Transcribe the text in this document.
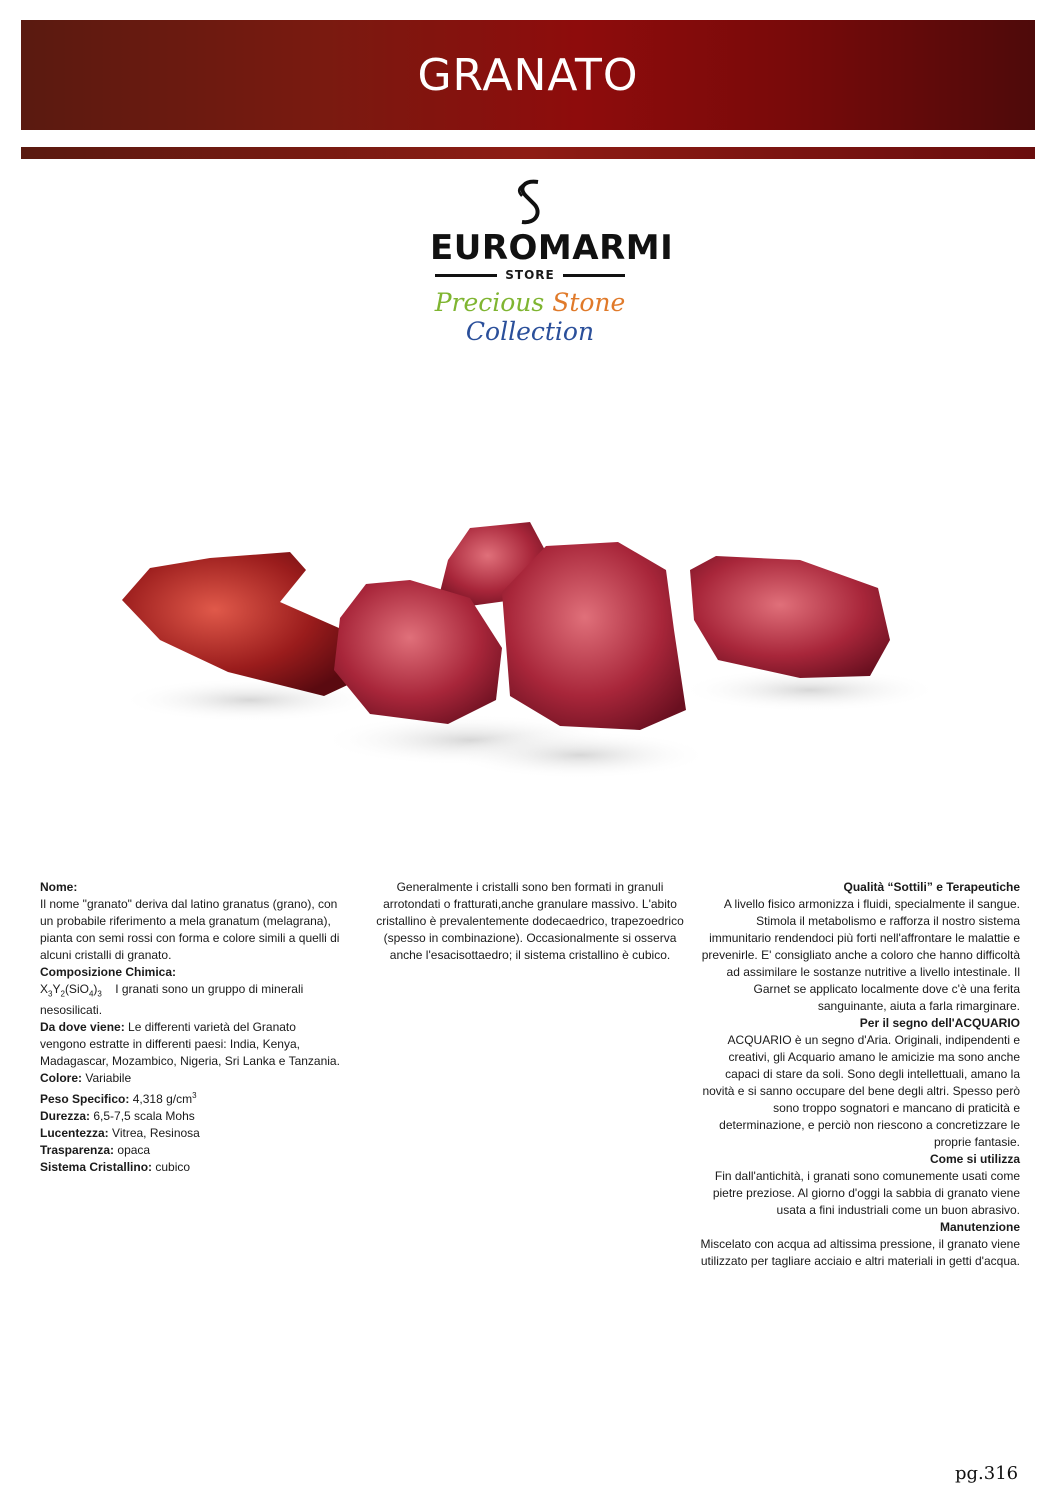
GRANATO
EUROMARMI
STORE
Precious Stone Collection

Nome:
Il nome "granato" deriva dal latino granatus (grano), con un probabile riferimento a mela granatum (melagrana), pianta con semi rossi con forma e colore simili a quelli di alcuni cristalli di granato.

Composizione Chimica:
$X_3Y_2(SiO_4)_3$ I granati sono un gruppo di minerali nesosilicati.

Da dove viene: Le differenti varietà del Granato vengono estratte in differenti paesi: India, Kenya, Madagascar, Mozambico, Nigeria, Sri Lanka e Tanzania.

Colore: Variabile

Peso Specifico: 4,318 $g/cm^3$

Durezza: 6,5-7,5 scala Mohs

Lucentezza: Vitrea, Resinosa

Trasparenza: opaca

Sistema Cristallino: cubico

Generalmente i cristalli sono ben formati in granuli arrotondati o fratturati,anche granulare massivo. L'abito cristallino è prevalentemente dodecaedrico, trapezoedrico (spesso in combinazione). Occasionalmente si osserva anche l'esacisottaedro; il sistema cristallino è cubico.

Qualità “Sottili” e Terapeutiche

A livello fisico armonizza i fluidi, specialmente il sangue. Stimola il metabolismo e rafforza il nostro sistema immunitario rendendoci più forti nell'affrontare le malattie e prevenirle. E' consigliato anche a coloro che hanno difficoltà ad assimilare le sostanze nutritive a livello intestinale. Il Garnet se applicato localmente dove c'è una ferita sanguinante, aiuta a farla rimarginare.

Per il segno dell'ACQUARIO

ACQUARIO è un segno d'Aria. Originali, indipendenti e creativi, gli Acquario amano le amicizie ma sono anche capaci di stare da soli. Sono degli intellettuali, amano la novità e si sanno occupare del bene degli altri. Spesso però sono troppo sognatori e mancano di praticità e determinazione, e perciò non riescono a concretizzare le proprie fantasie.

Come si utilizza

Fin dall'antichità, i granati sono comunemente usati come pietre preziose. Al giorno d'oggi la sabbia di granato viene usata a fini industriali come un buon abrasivo.

Manutenzione

Miscelato con acqua ad altissima pressione, il granato viene utilizzato per tagliare acciaio e altri materiali in getti d'acqua.

pg.316
